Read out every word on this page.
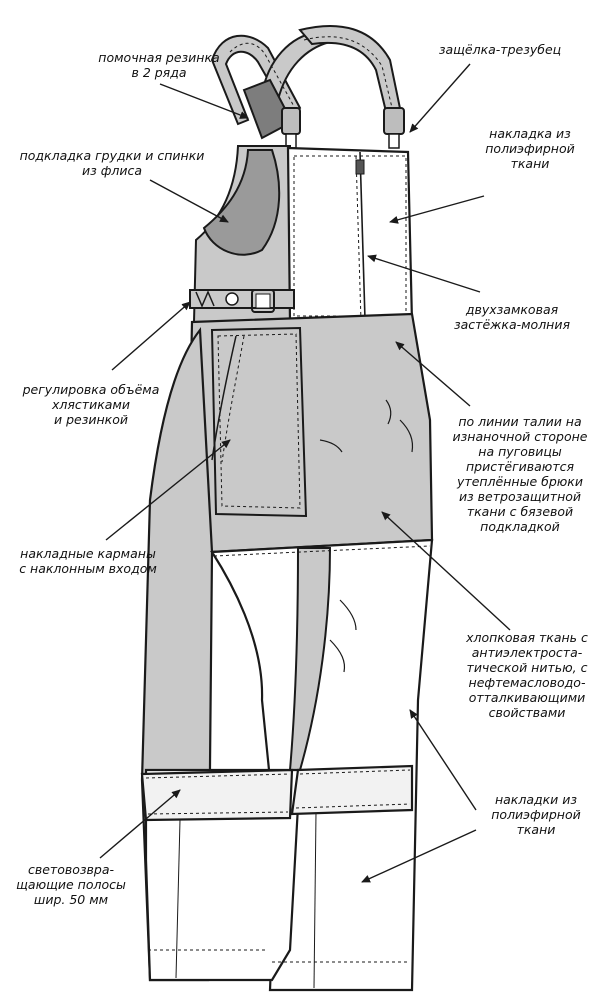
помочная резинка
в 2 ряда
защёлка-трезубец
накладка из
полиэфирной
ткани
подкладка грудки и спинки
из флиса
двухзамковая
застёжка-молния
регулировка объёма
хлястиками
и резинкой	по линии талии на
изнаночной стороне
на пуговицы
пристёгиваются
утеплённые брюки
из ветрозащитной
ткани с бязевой
подкладкой
накладные карманы
с наклонным входом
хлопковая ткань с
антиэлектроста-
тической нитью, с
нефтемасловодо-
отталкивающими
свойствами
накладки из
полиэфирной
ткани
световозвра-
щающие полосы
шир. 50 мм
